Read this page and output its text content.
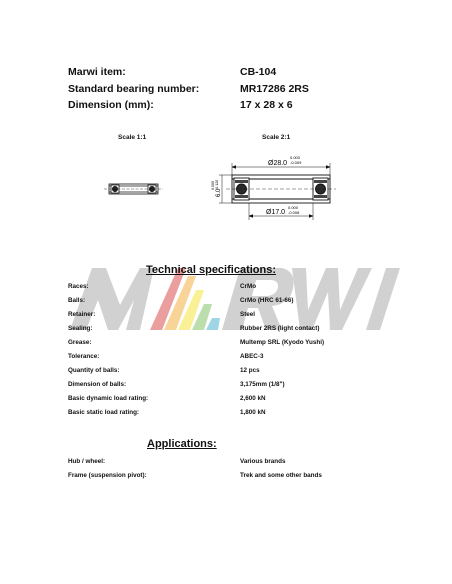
Marwi item:	CB-104
Standard bearing number:	MR17286 2RS
Dimension (mm):	17 x 28 x 6
Scale 1:1	Scale 2:1
Ø28.0
0.000
-0.009
Ø17.0
0.000
-0.008
6.0
0.000 -0.120
Technical specifications:
Races:	CrMo
Balls:	CrMo (HRC 61-66)
Retainer:	Steel
Sealing:	Rubber 2RS (light contact)
Grease:	Multemp SRL (Kyodo Yushi)
Tolerance:	ABEC-3
Quantity of balls:	12 pcs
Dimension of balls:	3,175mm (1/8")
Basic dynamic load rating:	2,600 kN
Basic static load rating:	1,800 kN
Applications:
Hub / wheel:	Various brands
Frame (suspension pivot):	Trek and some other bands
